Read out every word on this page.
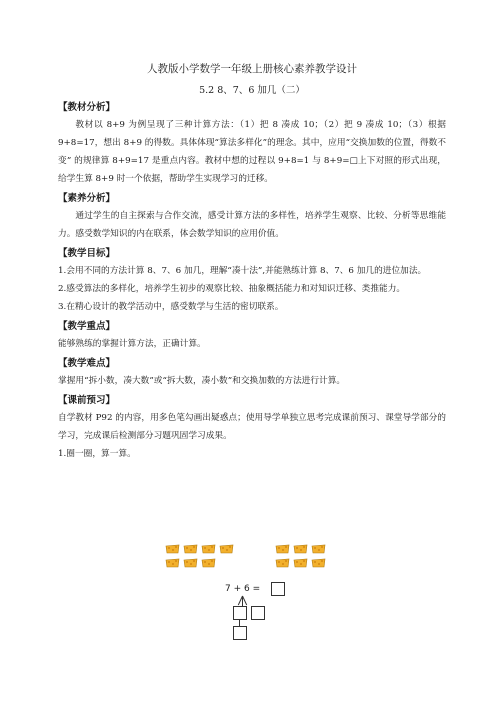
人教版小学数学一年级上册核心素养教学设计
5.2 8、7、6 加几（二）
【教材分析】

教材以 8+9 为例呈现了三种计算方法：（1）把 8 凑成 10；（2）把 9 凑成 10；（3）根据 9+8=17，想出 8+9 的得数。具体体现“算法多样化”的理念。其中，应用“交换加数的位置，得数不变” 的规律算 8+9=17 是重点内容。教材中想的过程以 9+8=1 与 8+9=□上下对照的形式出现，给学生算 8+9 时一个依据，帮助学生实现学习的迁移。

【素养分析】

通过学生的自主探索与合作交流，感受计算方法的多样性，培养学生观察、比较、分析等思维能力。感受数学知识的内在联系，体会数学知识的应用价值。

【教学目标】

1.会用不同的方法计算 8、7、6 加几，理解“凑十法”,并能熟练计算 8、7、6 加几的进位加法。

2.感受算法的多样化，培养学生初步的观察比较、抽象概括能力和对知识迁移、类推能力。

3.在精心设计的教学活动中，感受数学与生活的密切联系。

【教学重点】

能够熟练的掌握计算方法，正确计算。

【教学难点】

掌握用“拆小数，凑大数”或“拆大数，凑小数”和交换加数的方法进行计算。

【课前预习】

自学教材 P92 的内容，用多色笔勾画出疑惑点；使用导学单独立思考完成课前预习、课堂导学部分的学习，完成课后检测部分习题巩固学习成果。

1.圈一圈，算一算。

7 + 6 =
